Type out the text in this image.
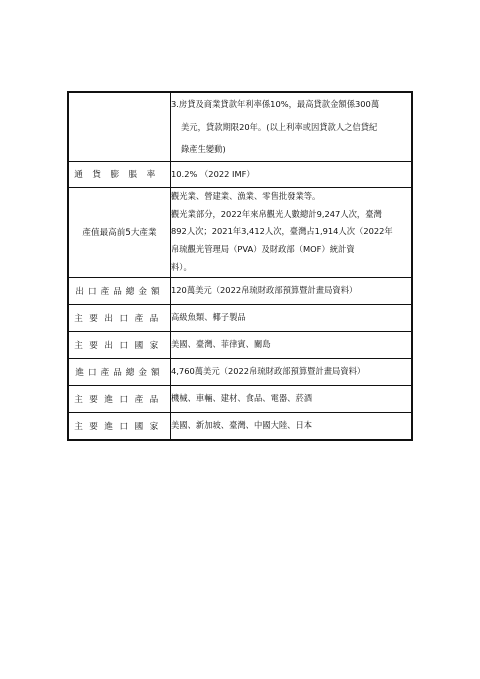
	3.房貸及商業貸款年利率係10%，最高貸款金額係300萬
美元，貸款期限20年。(以上利率或因貸款人之信貸紀
錄產生變動)

通貨膨脹率	10.2% （2022 IMF）

產值最高前5大產業	觀光業、營建業、漁業、零售批發業等。
觀光業部分，2022年來帛觀光人數總計9,247人次，臺灣
892人次；2021年3,412人次，臺灣占1,914人次（2022年
帛琉觀光管理局（PVA）及財政部（MOF）統計資
料）。

出口產品總金額	120萬美元（2022帛琉財政部預算暨計畫局資料）

主要出口產品	高級魚類、椰子製品

主要出口國家	美國、臺灣、菲律賓、關島

進口產品總金額	4,760萬美元（2022帛琉財政部預算暨計畫局資料）

主要進口產品	機械、車輛、建材、食品、電器、菸酒

主要進口國家	美國、新加坡、臺灣、中國大陸、日本
